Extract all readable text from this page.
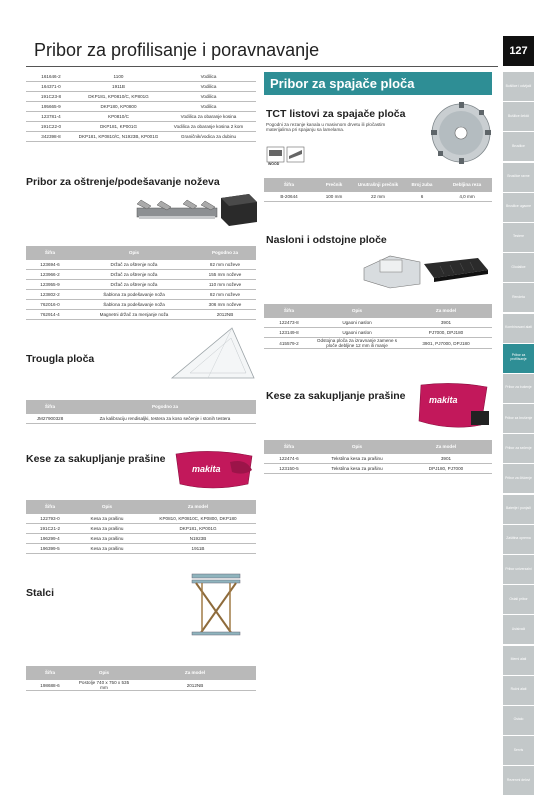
Pribor za profilisanje i poravnavanje	127
Bušilice i odvijači
Bušilice čekići
Brusilice
Brusilice ravne
Brusilice ugaone
Testere
Glodalice
Rendeta
Kombinovani alati
Pribor za profilisanje
Pribor za bušenje
Pribor za brušenje
Pribor za sečenje
Pribor za čišćenje
Baterije i punjači
Zaštitna oprema
Pribor univerzalni
Ostali pribor
Usisivači
Merni alati
Ručni alati
Ostalo
Servis
Rezervni delovi
161646-2	1100	Vodilica
164371-0	1911B	Vodilica
191C23-8	DKP181, KP0810/C, KP801G	Vodilica
195665-9	DKP180, KP0800	Vodilica
123781-4	KP0810/C	Vodilica za obaranje kosina
191C22-0	DKP181, KP001G	Vodilica za obaranje kosina 2 kom
342398-8	DKP181, KP0810/C, N1923B, KP001G	Graničnik/vodica za dubinu
Pribor za oštrenje/podešavanje noževa
Šifra	Opis	Pogodno za
123694-6	Držač za oštrenje noža	82 mm noževe
123966-2	Držač za oštrenje noža	155 mm noževe
123955-9	Držač za oštrenje noža	110 mm noževe
123802-2	Šablona za podešavanje noža	82 mm noževe
762016-0	Šablona za podešavanje noža	306 mm noževe
762914-4	Magnetni držač za menjanje noža	2012NB
Trougla ploča
Šifra	Pogodno za
JM27900328	Za kalibraciju rendisaljki, testera za koso sečenje i stonih testera
Kese za sakupljanje prašine
makita
Šifra	Opis	Za model
122793-0	Kesa za prašinu	KP0810, KP0810C, KP0800, DKP180
191C21-2	Kesa za prašinu	DKP181, KP001G
196299-4	Kesa za prašinu	N1923B
196399-5	Kesa za prašinu	1911B
Stalci
Šifra	Opis	Za model
198688-6	Postolje 740 x 750 x 535 mm	2012NB
Pribor za spajače ploča
TCT listovi za spajače ploča
Pogodni za rezanje kanala u masivnom drvetu ili pločastim materijalima pri spajanju sa lamelama.
WOOD
Šifra	Prečnik	Unutrašnji prečnik	Broj zuba	Debljina reza
B-20644	100 mm	22 mm	6	4,0 mm
Nasloni i odstojne ploče
Šifra	Opis	Za model
122473-8	Ugaoni naslon	3901
123149-8	Ugaoni naslon	PJ7000, DPJ180
415579-2	Odstojna ploča za izravnanje zamene s ploče debljine 12 mm ili manje	3901, PJ7000, DPJ180
Kese za sakupljanje prašine	makita
Šifra	Opis	Za model
122474-6	Tekstilna kesa za prašinu	3901
123150-5	Tekstilna kesa za prašinu	DPJ180, PJ7000
